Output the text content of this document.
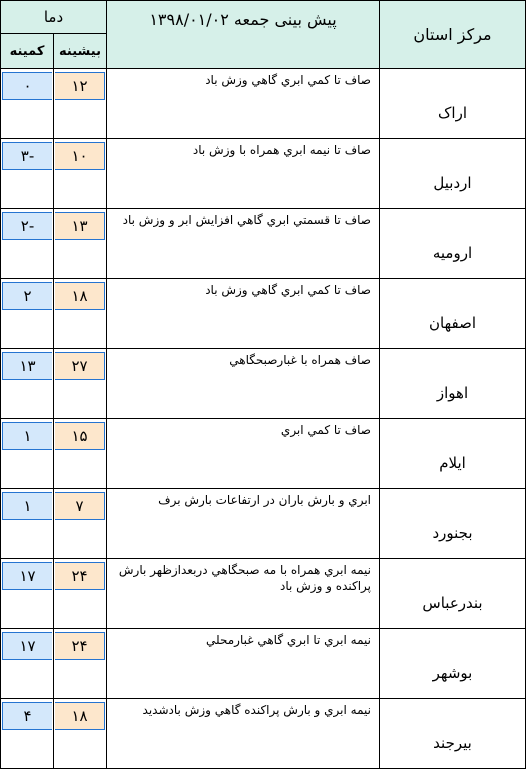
مرکز استان	پیش بینی جمعه ۱۳۹۸/۰۱/۰۲	دما	
		بیشینه	کمینه
اراک	صاف تا كمي ابري گاهي وزش باد	۱۲	۰

اردبیل	صاف تا نیمه ابري همراه با وزش باد	۱۰	-۳

ارومیه	صاف تا قسمتي ابري گاهي افزایش ابر و وزش باد	۱۳	-۲

اصفهان	صاف تا كمي ابري گاهي وزش باد	۱۸	۲

اهواز	صاف همراه با غبارصبحگاهي	۲۷	۱۳

ایلام	صاف تا كمي ابري	۱۵	۱

بجنورد	ابري و بارش باران در ارتفاعات بارش برف	۷	۱

بندرعباس	نیمه ابري همراه با مه صبحگاهي دربعدازظهر بارش پراکنده و وزش باد	۲۴	۱۷

بوشهر	نیمه ابري تا ابري گاهي غبارمحلي	۲۴	۱۷

بیرجند	نیمه ابري و بارش پراکنده گاهي وزش بادشدید	۱۸	۴
